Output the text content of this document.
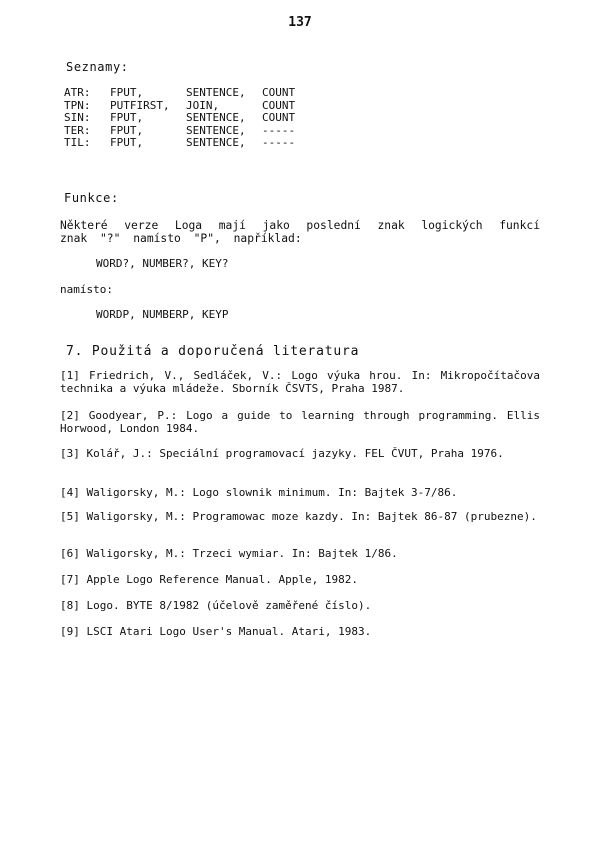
137
Seznamy:
ATR: FPUT,	SENTENCE, COUNT
TPN: PUTFIRST, JOIN,	COUNT
SIN: FPUT,	SENTENCE, COUNT
TER: FPUT,	SENTENCE, -----
TIL: FPUT,	SENTENCE, -----
Funkce:
Některé verze Loga mají jako poslední znak logických funkcí znak "?" namísto "P", například:
WORD?, NUMBER?, KEY?
namísto:
WORDP, NUMBERP, KEYP
7. Použitá a doporučená literatura
[1] Friedrich, V., Sedláček, V.: Logo výuka hrou. In: Mikropočítačova technika a výuka mládeže. Sborník ČSVTS, Praha 1987.
[2] Goodyear, P.: Logo a guide to learning through programming. Ellis Horwood, London 1984.
[3] Kolář, J.: Speciální programovací jazyky. FEL ČVUT, Praha 1976.
[4] Waligorsky, M.: Logo slownik minimum. In: Bajtek 3-7/86.
[5] Waligorsky, M.: Programowac moze kazdy. In: Bajtek 86-87 (prubezne).
[6] Waligorsky, M.: Trzeci wymiar. In: Bajtek 1/86.
[7] Apple Logo Reference Manual. Apple, 1982.
[8] Logo. BYTE 8/1982 (účelově zaměřené číslo).
[9] LSCI Atari Logo User's Manual. Atari, 1983.
